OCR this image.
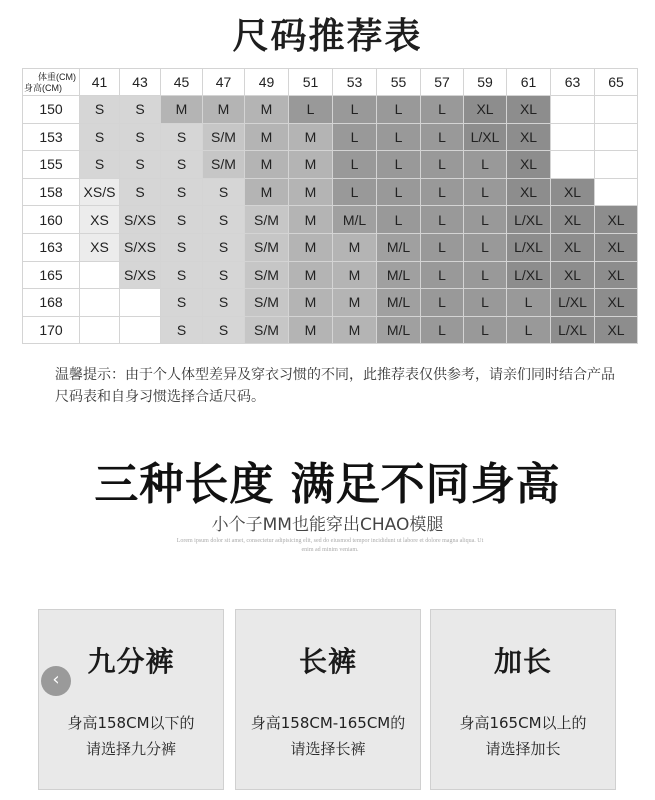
尺码推荐表
体重(CM)
身高(CM)	41	43	45	47	49	51	53	55	57	59	61	63	65
150	S	S	M	M	M	L	L	L	L	XL	XL		
153	S	S	S	S/M	M	M	L	L	L	L/XL	XL		
155	S	S	S	S/M	M	M	L	L	L	L	XL		
158	XS/S	S	S	S	M	M	L	L	L	L	XL	XL	
160	XS	S/XS	S	S	S/M	M	M/L	L	L	L	L/XL	XL	XL
163	XS	S/XS	S	S	S/M	M	M	M/L	L	L	L/XL	XL	XL
165		S/XS	S	S	S/M	M	M	M/L	L	L	L/XL	XL	XL
168			S	S	S/M	M	M	M/L	L	L	L	L/XL	XL
170			S	S	S/M	M	M	M/L	L	L	L	L/XL	XL
温馨提示：由于个人体型差异及穿衣习惯的不同，此推荐表仅供参考，请亲们同时结合产品尺码表和自身习惯选择合适尺码。
三种长度 满足不同身高
小个子MM也能穿出CHAO模腿
Lorem ipsum dolor sit amet, consectetur adipisicing elit, sed do eiusmod tempor incididunt ut labore et dolore magna aliqua. Ut enim ad minim veniam.
九分裤
身高158CM以下的
请选择九分裤
长裤
身高158CM-165CM的
请选择长裤
加长
身高165CM以上的
请选择加长
‹
